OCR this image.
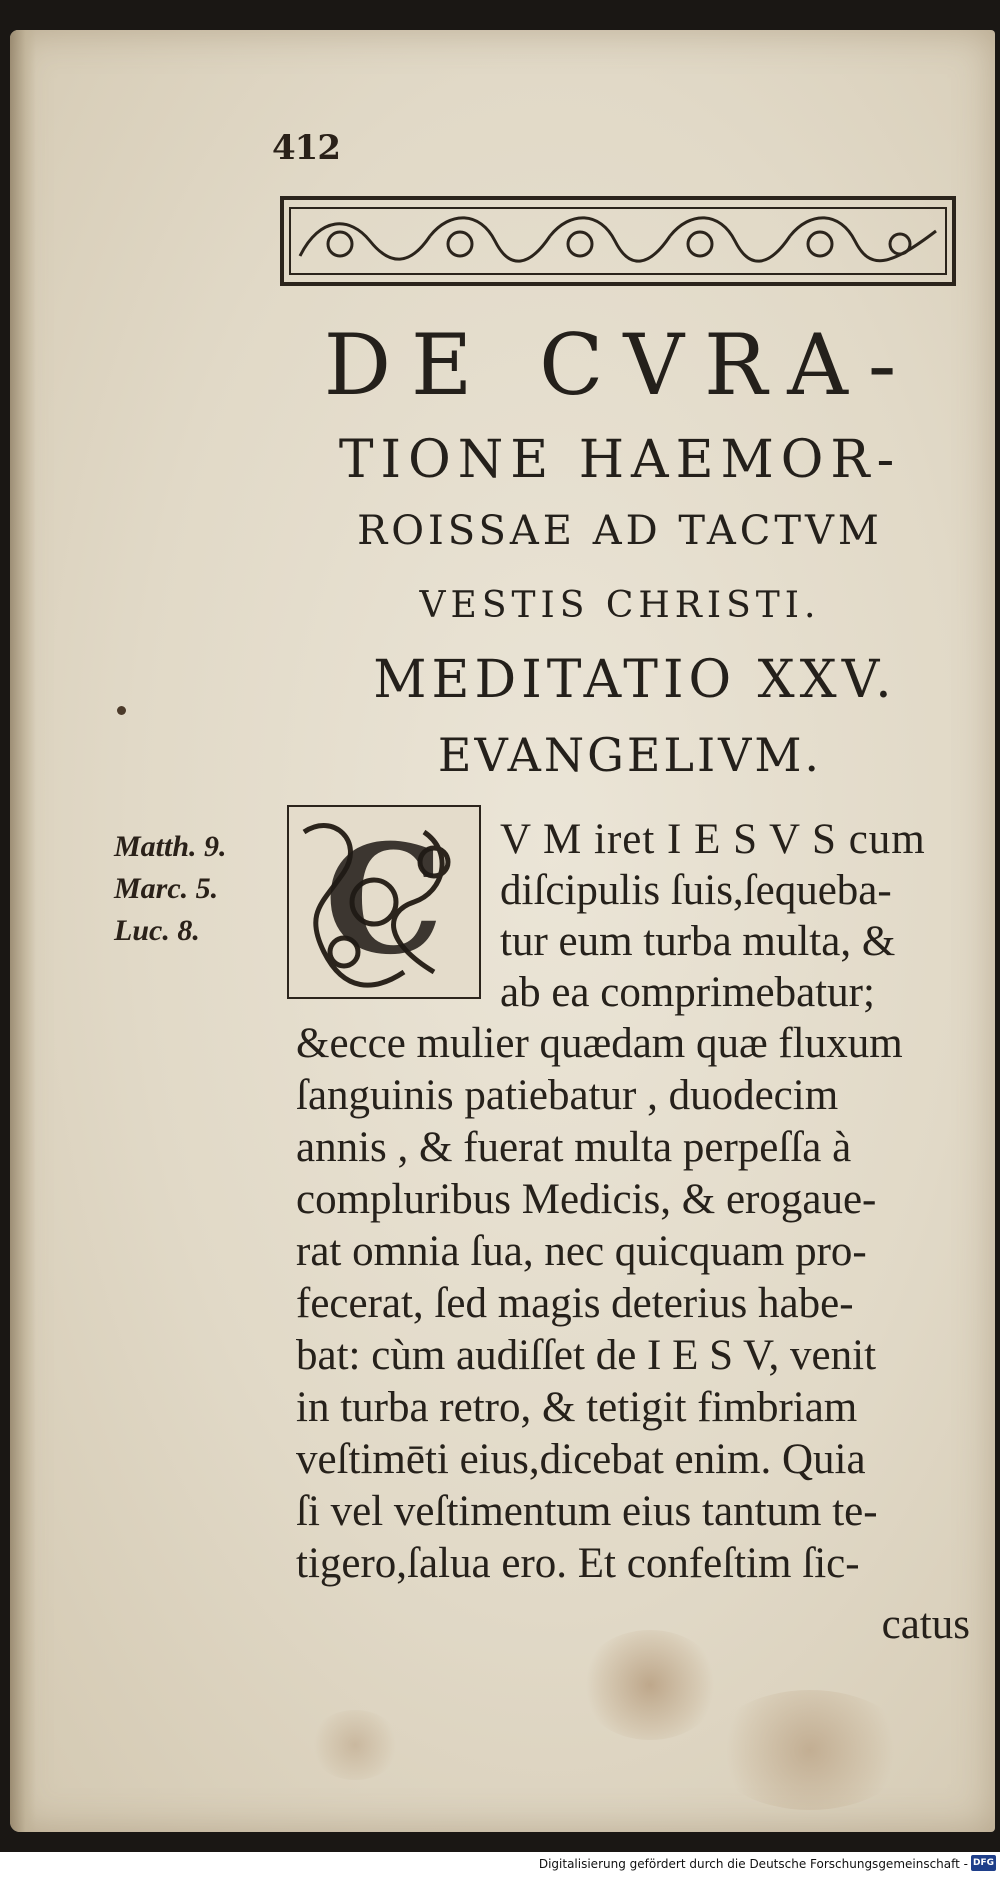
412
DE CVRA-
TIONE HAEMOR-
ROISSAE AD TACTVM
VESTIS CHRISTI.
MEDITATIO XXV.
EVANGELIVM.
Matth. 9.
Marc. 5.
Luc. 8. C V M iret I E S V S cum
diſcipulis ſuis,ſequeba-
tur eum turba multa, &
ab ea comprimebatur;
&ecce mulier quædam quæ fluxum
ſanguinis patiebatur , duodecim
annis , & fuerat multa perpeſſa à
compluribus Medicis, & erogaue-
rat omnia ſua, nec quicquam pro-
fecerat, ſed magis deterius habe-
bat: cùm audiſſet de I E S V, venit
in turba retro, & tetigit fimbriam
veſtimēti eius,dicebat enim. Quia
ſi vel veſtimentum eius tantum te-
tigero,ſalua ero. Et confeſtim ſic-
catus
Digitalisierung gefördert durch die Deutsche Forschungsgemeinschaft - DFG
